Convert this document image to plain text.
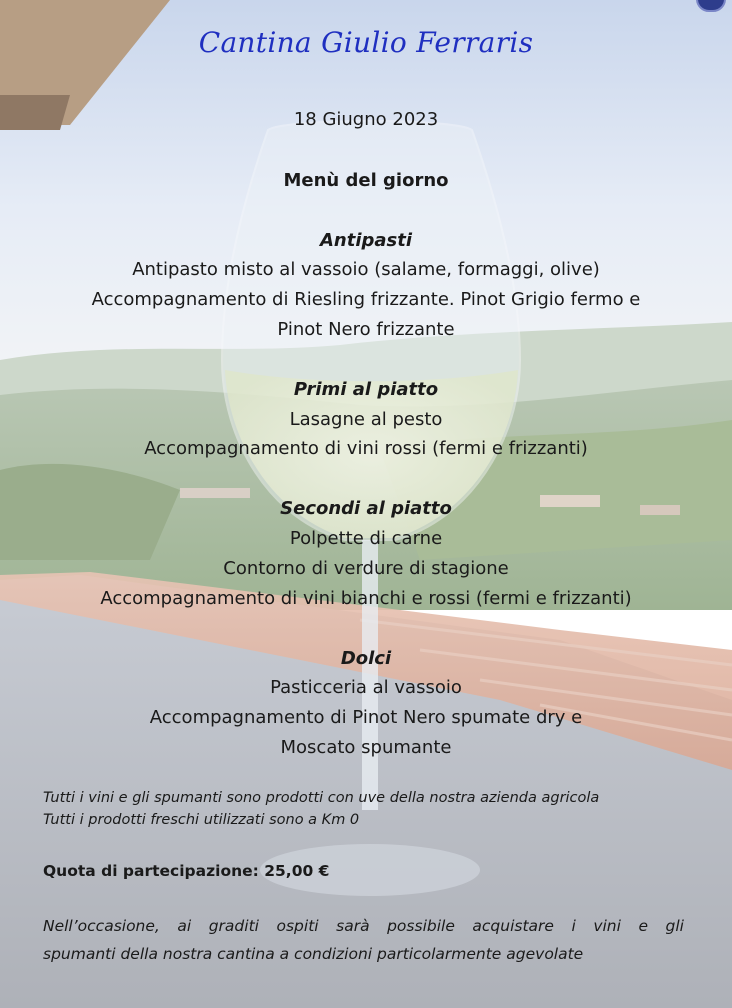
Cantina Giulio Ferraris
18 Giugno 2023
Menù del giorno
Antipasti
Antipasto misto al vassoio (salame, formaggi, olive)
Accompagnamento di Riesling frizzante. Pinot Grigio fermo e
Pinot Nero frizzante
Primi al piatto
Lasagne al pesto
Accompagnamento di vini rossi (fermi e frizzanti)
Secondi al piatto
Polpette di carne
Contorno di verdure di stagione
Accompagnamento di vini bianchi e rossi (fermi e frizzanti)
Dolci
Pasticceria al vassoio
Accompagnamento di Pinot Nero spumate dry e
Moscato spumante
Tutti i vini e gli spumanti sono prodotti con uve della nostra azienda agricola
Tutti i prodotti freschi utilizzati sono a Km 0
Quota di partecipazione: 25,00 €
Nell’occasione, ai graditi ospiti sarà possibile acquistare i vini e gli
spumanti della nostra cantina a condizioni particolarmente agevolate
